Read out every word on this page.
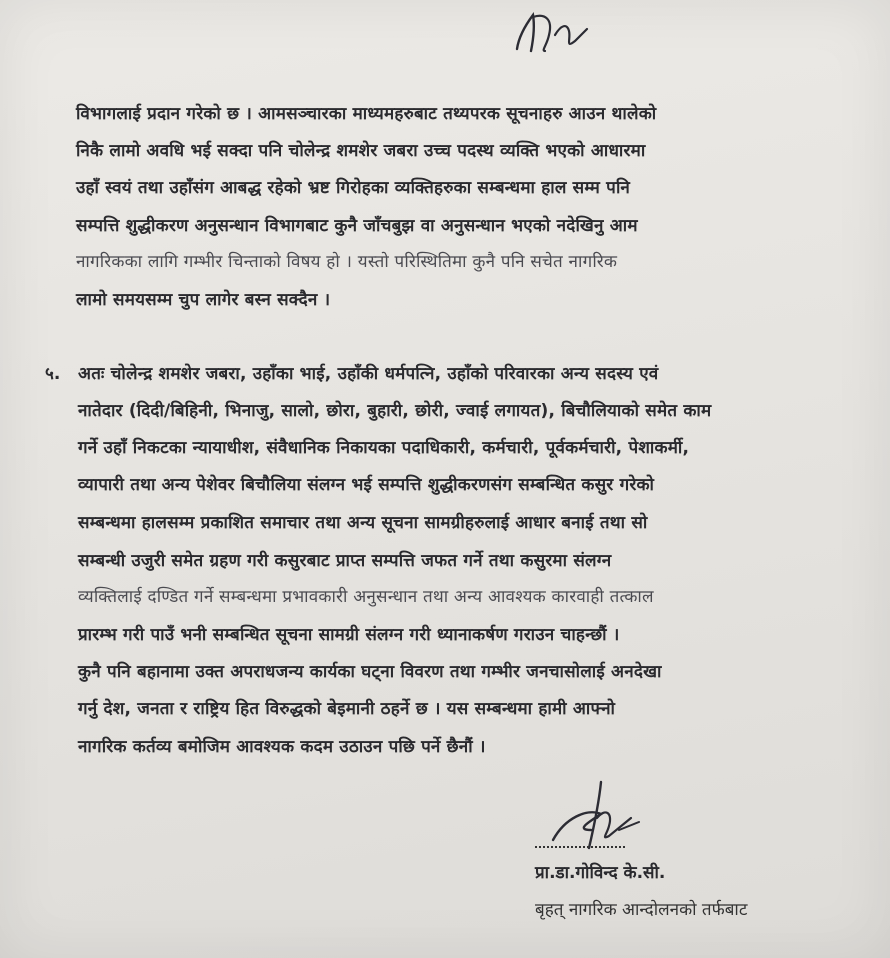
विभागलाई प्रदान गरेको छ । आमसञ्चारका माध्यमहरुबाट तथ्यपरक सूचनाहरु आउन थालेको
निकै लामो अवधि भई सक्दा पनि चोलेन्द्र शमशेर जबरा उच्च पदस्थ व्यक्ति भएको आधारमा
उहाँ स्वयं तथा उहाँसंग आबद्ध रहेको भ्रष्ट गिरोहका व्यक्तिहरुका सम्बन्धमा हाल सम्म पनि
सम्पत्ति शुद्धीकरण अनुसन्धान विभागबाट कुनै जाँचबुझ वा अनुसन्धान भएको नदेखिनु आम
नागरिकका लागि गम्भीर चिन्ताको विषय हो । यस्तो परिस्थितिमा कुनै पनि सचेत नागरिक
लामो समयसम्म चुप लागेर बस्न सक्दैन ।
५. अतः चोलेन्द्र शमशेर जबरा, उहाँका भाई, उहाँकी धर्मपत्नि, उहाँको परिवारका अन्य सदस्य एवं
नातेदार (दिदी/बिहिनी, भिनाजु, सालो, छोरा, बुहारी, छोरी, ज्वाई लगायत), बिचौलियाको समेत काम
गर्ने उहाँ निकटका न्यायाधीश, संवैधानिक निकायका पदाधिकारी, कर्मचारी, पूर्वकर्मचारी, पेशाकर्मी,
व्यापारी तथा अन्य पेशेवर बिचौलिया संलग्न भई सम्पत्ति शुद्धीकरणसंग सम्बन्धित कसुर गरेको
सम्बन्धमा हालसम्म प्रकाशित समाचार तथा अन्य सूचना सामग्रीहरुलाई आधार बनाई तथा सो
सम्बन्धी उजुरी समेत ग्रहण गरी कसुरबाट प्राप्त सम्पत्ति जफत गर्ने तथा कसुरमा संलग्न
व्यक्तिलाई दण्डित गर्ने सम्बन्धमा प्रभावकारी अनुसन्धान तथा अन्य आवश्यक कारवाही तत्काल
प्रारम्भ गरी पाउँ भनी सम्बन्धित सूचना सामग्री संलग्न गरी ध्यानाकर्षण गराउन चाहन्छौं ।
कुनै पनि बहानामा उक्त अपराधजन्य कार्यका घट्ना विवरण तथा गम्भीर जनचासोलाई अनदेखा
गर्नु देश, जनता र राष्ट्रिय हित विरुद्धको बेइमानी ठहर्ने छ । यस सम्बन्धमा हामी आफ्नो
नागरिक कर्तव्य बमोजिम आवश्यक कदम उठाउन पछि पर्ने छैनौं ।
प्रा.डा.गोविन्द के.सी.
बृहत् नागरिक आन्दोलनको तर्फबाट
